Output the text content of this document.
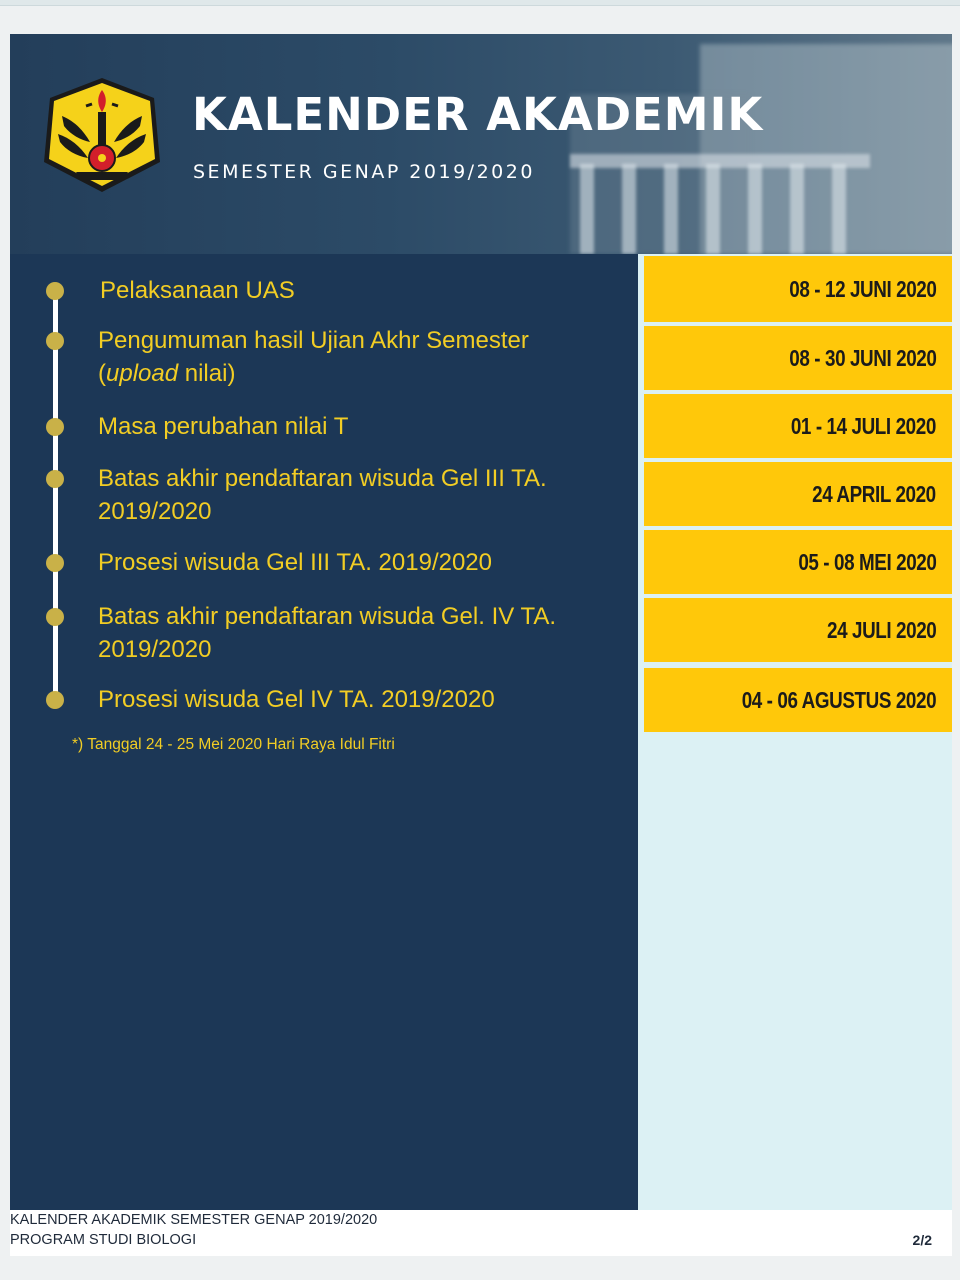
KALENDER AKADEMIK

SEMESTER GENAP 2019/2020

Pelaksanaan UAS
Pengumuman hasil Ujian Akhr Semester
(upload nilai)
Masa perubahan nilai T
Batas akhir pendaftaran wisuda Gel III TA. 2019/2020
Prosesi wisuda Gel III TA. 2019/2020
Batas akhir pendaftaran wisuda Gel. IV TA. 2019/2020
Prosesi wisuda Gel IV TA. 2019/2020
*) Tanggal 24 - 25 Mei 2020 Hari Raya Idul Fitri
08 - 12 JUNI 2020
08 - 30 JUNI 2020
01 - 14 JULI 2020
24 APRIL 2020
05 - 08 MEI 2020
24 JULI 2020
04 - 06 AGUSTUS 2020
KALENDER AKADEMIK SEMESTER GENAP 2019/2020
PROGRAM STUDI BIOLOGI	2/2
